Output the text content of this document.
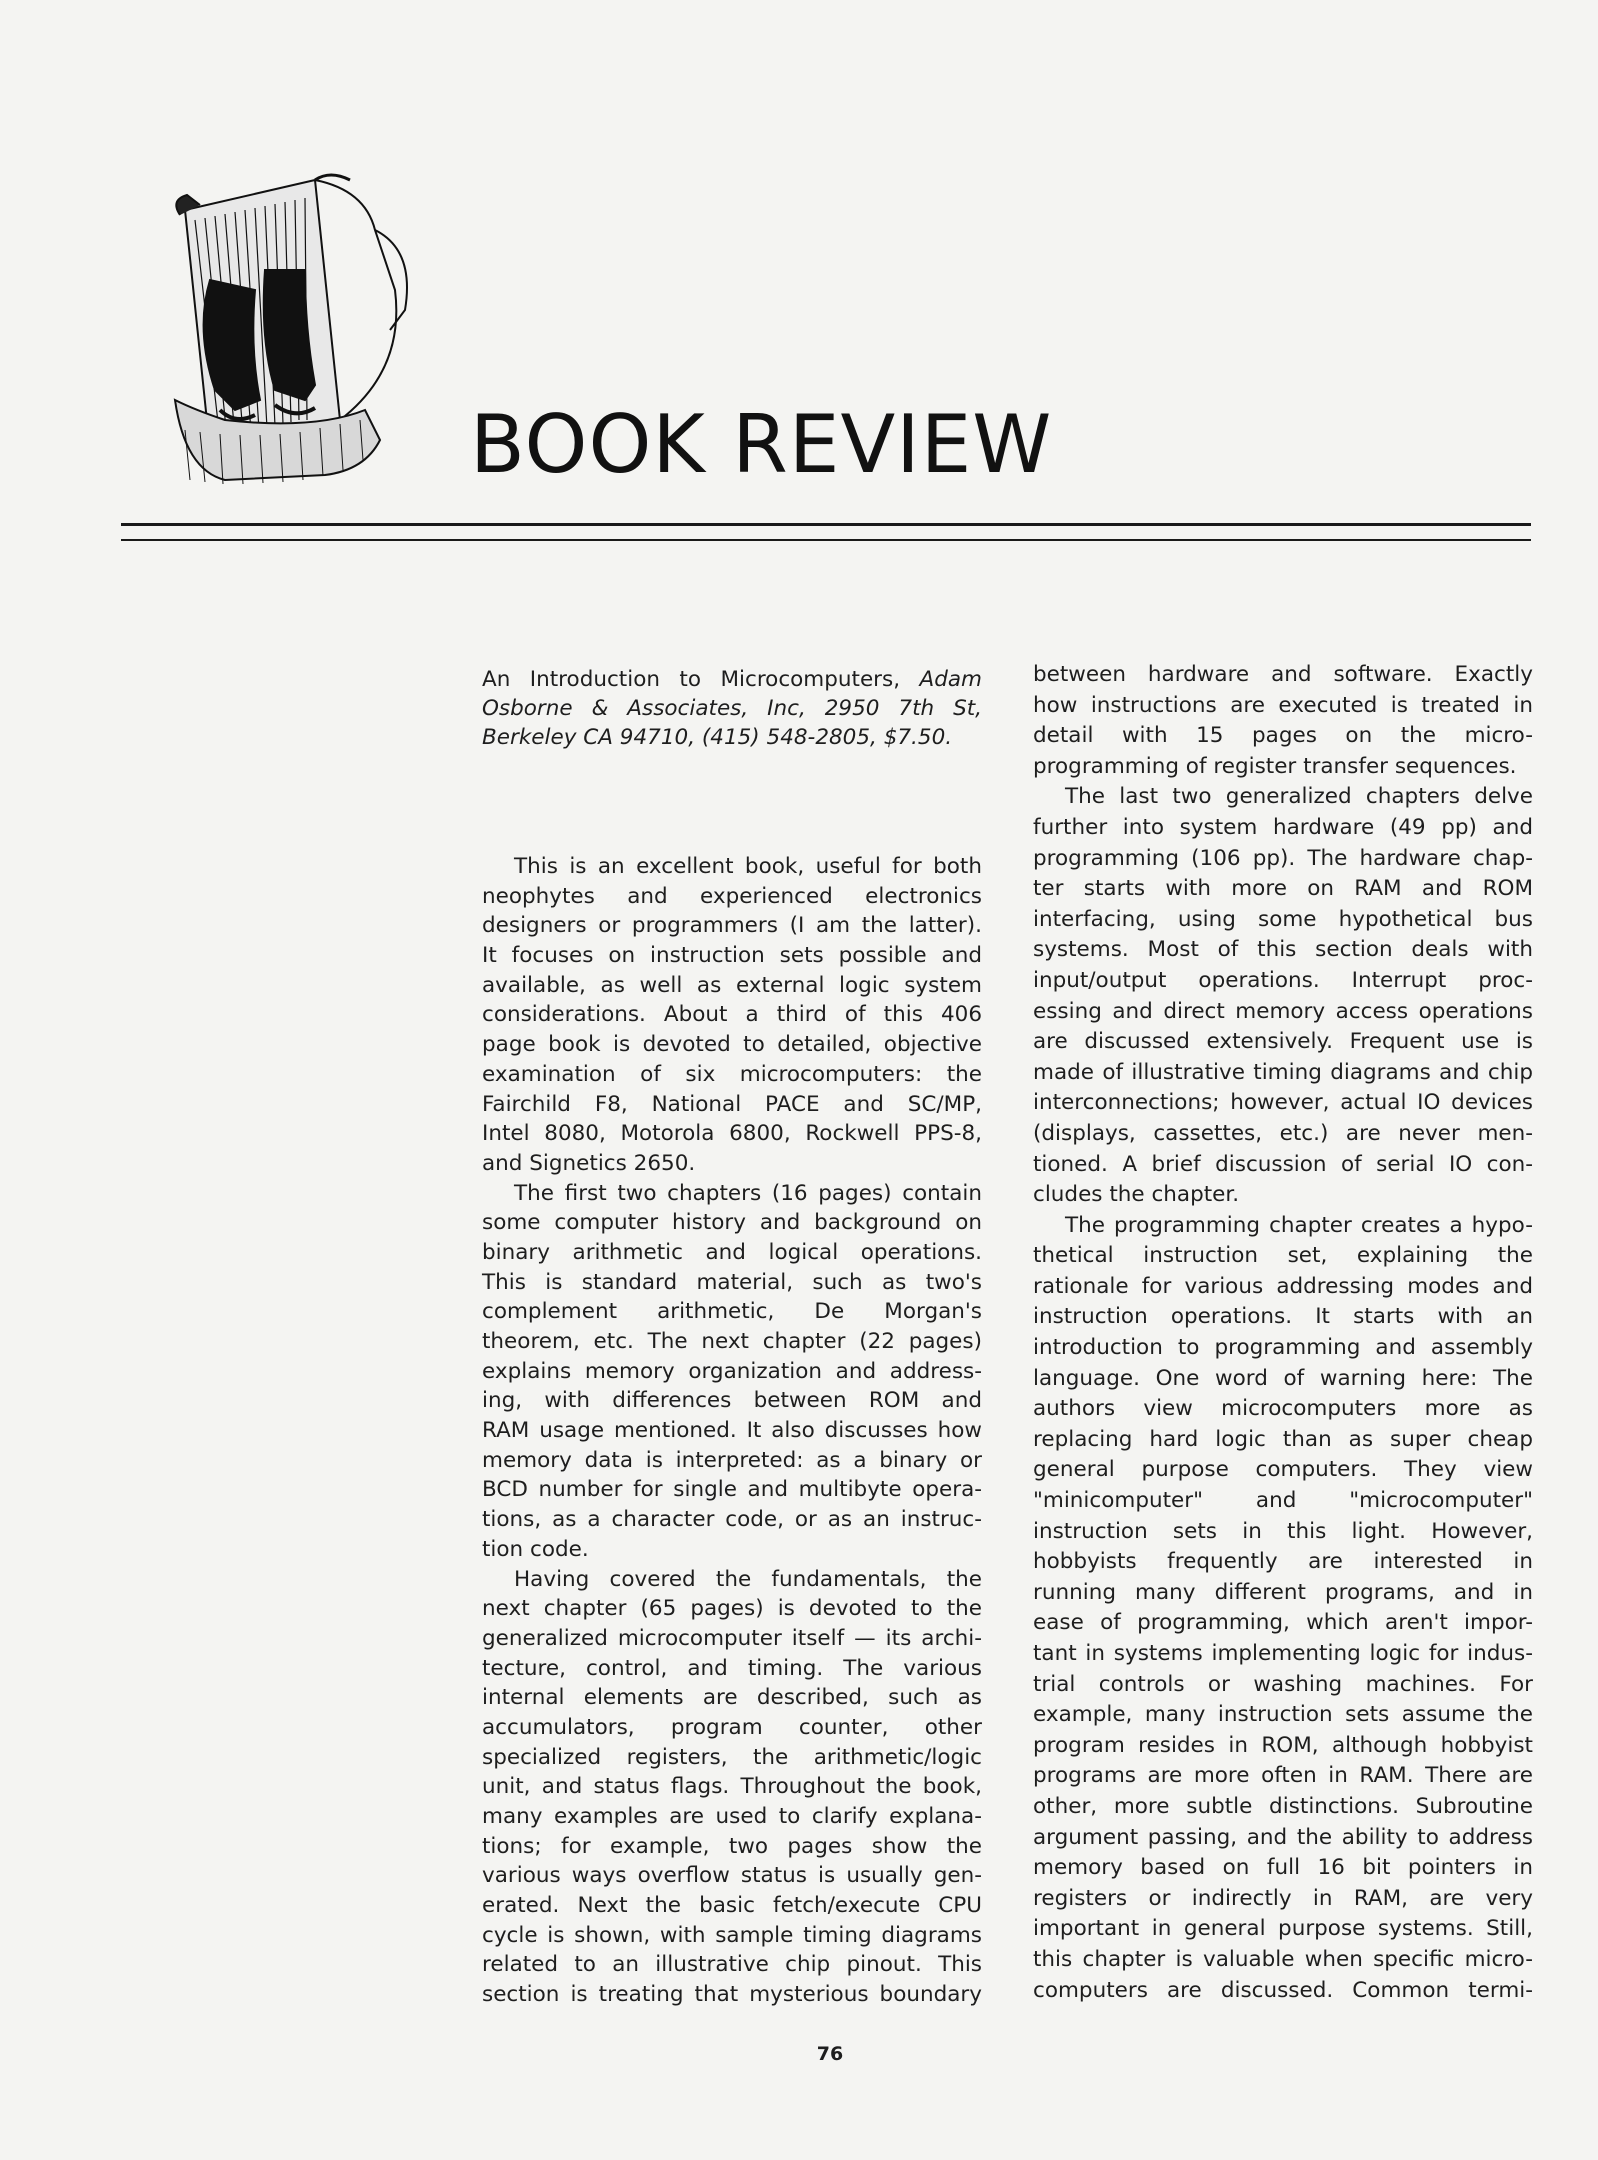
BOOK REVIEW
An Introduction to Microcomputers, Adam
Osborne & Associates, Inc, 2950 7th St,
Berkeley CA 94710, (415) 548-2805, $7.50.
This is an excellent book, useful for both
neophytes and experienced electronics
designers or programmers (I am the latter).
It focuses on instruction sets possible and
available, as well as external logic system
considerations. About a third of this 406
page book is devoted to detailed, objective
examination of six microcomputers: the
Fairchild F8, National PACE and SC/MP,
Intel 8080, Motorola 6800, Rockwell PPS-8,
and Signetics 2650.
The first two chapters (16 pages) contain
some computer history and background on
binary arithmetic and logical operations.
This is standard material, such as two's
complement arithmetic, De Morgan's
theorem, etc. The next chapter (22 pages)
explains memory organization and address-
ing, with differences between ROM and
RAM usage mentioned. It also discusses how
memory data is interpreted: as a binary or
BCD number for single and multibyte opera-
tions, as a character code, or as an instruc-
tion code.
Having covered the fundamentals, the
next chapter (65 pages) is devoted to the
generalized microcomputer itself — its archi-
tecture, control, and timing. The various
internal elements are described, such as
accumulators, program counter, other
specialized registers, the arithmetic/logic
unit, and status flags. Throughout the book,
many examples are used to clarify explana-
tions; for example, two pages show the
various ways overflow status is usually gen-
erated. Next the basic fetch/execute CPU
cycle is shown, with sample timing diagrams
related to an illustrative chip pinout. This
section is treating that mysterious boundary
between hardware and software. Exactly
how instructions are executed is treated in
detail with 15 pages on the micro-
programming of register transfer sequences.
The last two generalized chapters delve
further into system hardware (49 pp) and
programming (106 pp). The hardware chap-
ter starts with more on RAM and ROM
interfacing, using some hypothetical bus
systems. Most of this section deals with
input/output operations. Interrupt proc-
essing and direct memory access operations
are discussed extensively. Frequent use is
made of illustrative timing diagrams and chip
interconnections; however, actual IO devices
(displays, cassettes, etc.) are never men-
tioned. A brief discussion of serial IO con-
cludes the chapter.
The programming chapter creates a hypo-
thetical instruction set, explaining the
rationale for various addressing modes and
instruction operations. It starts with an
introduction to programming and assembly
language. One word of warning here: The
authors view microcomputers more as
replacing hard logic than as super cheap
general purpose computers. They view
"minicomputer" and "microcomputer"
instruction sets in this light. However,
hobbyists frequently are interested in
running many different programs, and in
ease of programming, which aren't impor-
tant in systems implementing logic for indus-
trial controls or washing machines. For
example, many instruction sets assume the
program resides in ROM, although hobbyist
programs are more often in RAM. There are
other, more subtle distinctions. Subroutine
argument passing, and the ability to address
memory based on full 16 bit pointers in
registers or indirectly in RAM, are very
important in general purpose systems. Still,
this chapter is valuable when specific micro-
computers are discussed. Common termi-
76
